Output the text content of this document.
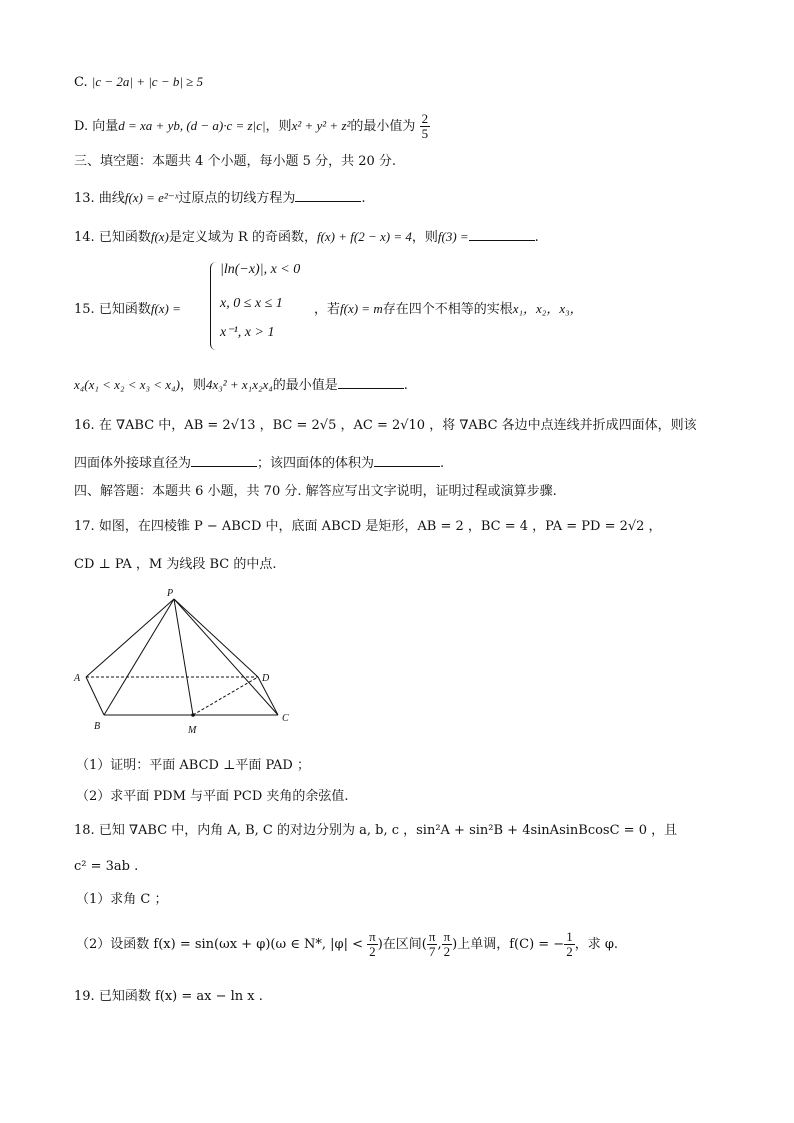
C. |c − 2a| + |c − b| ≥ 5
D. 向量d = xa + yb, (d − a)·c = z|c|，则x² + y² + z²的最小值为 $\frac{2}{5}$
三、填空题：本题共 4 个小题，每小题 5 分，共 20 分.
13. 曲线f(x) = e²⁻ˣ过原点的切线方程为	.
14. 已知函数f(x)是定义域为 R 的奇函数，f(x) + f(2 − x) = 4，则f(3) =	.
15. 已知函数f(x) =
|ln(−x)|, x < 0
x, 0 ≤ x ≤ 1
x⁻¹, x > 1
，若f(x) = m存在四个不相等的实根x₁，x₂，x₃，
x₄(x₁ < x₂ < x₃ < x₄)，则4x₃² + x₁x₂x₄的最小值是	.
16. 在 ∇ABC 中，AB = 2√13 ，BC = 2√5 ，AC = 2√10 ，将 ∇ABC 各边中点连线并折成四面体，则该
四面体外接球直径为	；该四面体的体积为	.
四、解答题：本题共 6 小题，共 70 分. 解答应写出文字说明，证明过程或演算步骤.
17. 如图，在四棱锥 P − ABCD 中，底面 ABCD 是矩形，AB = 2 ，BC = 4 ，PA = PD = 2√2 ，
CD ⊥ PA ，M 为线段 BC 的中点.
P
A
B	M
C
D
（1）证明：平面 ABCD ⊥平面 PAD ；
（2）求平面 PDM 与平面 PCD 夹角的余弦值.
18. 已知 ∇ABC 中，内角 A, B, C 的对边分别为 a, b, c ，sin²A + sin²B + 4sinAsinBcosC = 0 ，且
c² = 3ab .
（1）求角 C ；
（2）设函数 f(x) = sin(ωx + φ)(ω ∈ N*, $|\varphi| < \frac{\pi}{2}$ )在区间( $\frac{\pi}{7}$ , $\frac{\pi}{2}$ )上单调，f(C) = − $\frac{1}{2}$ ，求 φ.
19. 已知函数 f(x) = ax − ln x .
